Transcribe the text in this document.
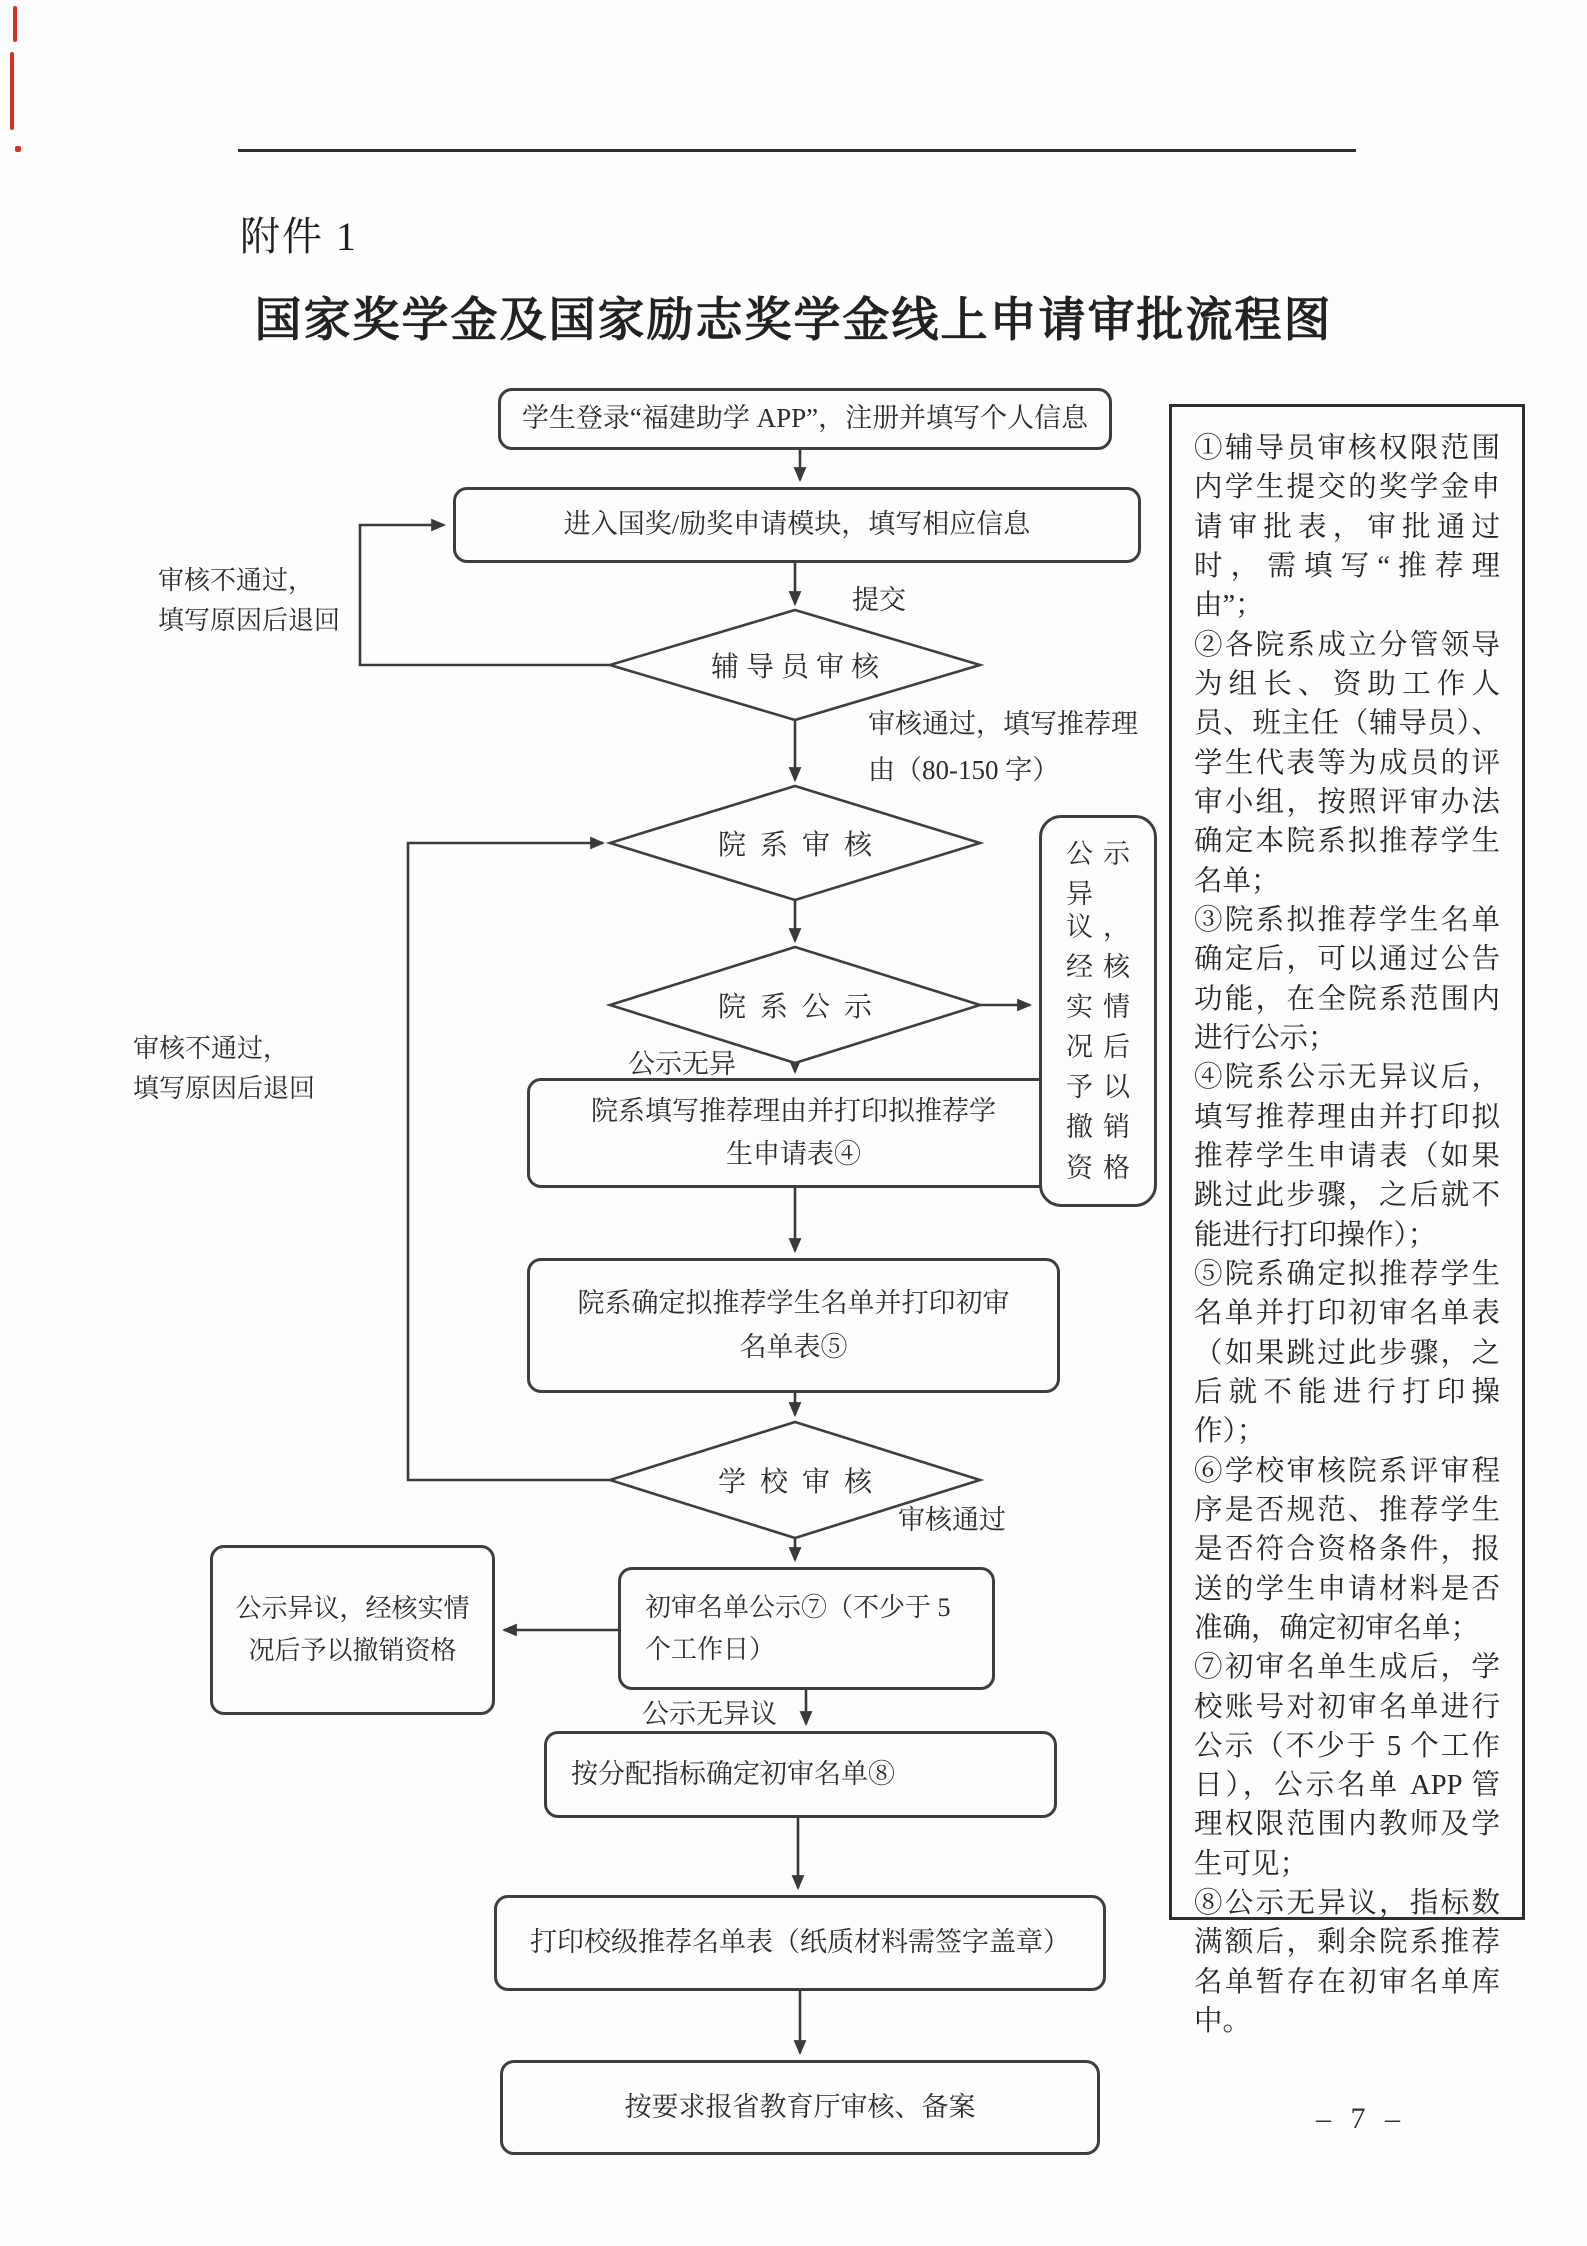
附件 1
国家奖学金及国家励志奖学金线上申请审批流程图
学生登录“福建助学 APP”，注册并填写个人信息
进入国奖/励奖申请模块，填写相应信息
辅导员审核
院系审核
院系公示
学校审核
院系填写推荐理由并打印拟推荐学
生申请表④
院系确定拟推荐学生名单并打印初审
名单表⑤
初审名单公示⑦（不少于 5
个工作日）
公示异议，经核实情
况后予以撤销资格
按分配指标确定初审名单⑧
打印校级推荐名单表（纸质材料需签字盖章）
按要求报省教育厅审核、备案
公示
异议，
经核
实情
况后
予以
撤销
资格
提交
审核通过，填写推荐理
由（80-150 字）
公示无异
审核通过
公示无异议
审核不通过，
填写原因后退回
审核不通过，
填写原因后退回

①辅导员审核权限范围内学生提交的奖学金申请审批表，审批通过时，需填写“推荐理由”；

②各院系成立分管领导为组长、资助工作人员、班主任（辅导员）、学生代表等为成员的评审小组，按照评审办法确定本院系拟推荐学生名单；

③院系拟推荐学生名单确定后，可以通过公告功能，在全院系范围内进行公示；

④院系公示无异议后，填写推荐理由并打印拟推荐学生申请表（如果跳过此步骤，之后就不能进行打印操作）；

⑤院系确定拟推荐学生名单并打印初审名单表（如果跳过此步骤，之后就不能进行打印操作）；

⑥学校审核院系评审程序是否规范、推荐学生是否符合资格条件，报送的学生申请材料是否准确，确定初审名单；

⑦初审名单生成后，学校账号对初审名单进行公示（不少于 5 个工作日），公示名单 APP 管理权限范围内教师及学生可见；

⑧公示无异议，指标数满额后，剩余院系推荐名单暂存在初审名单库中。

– 7 –
